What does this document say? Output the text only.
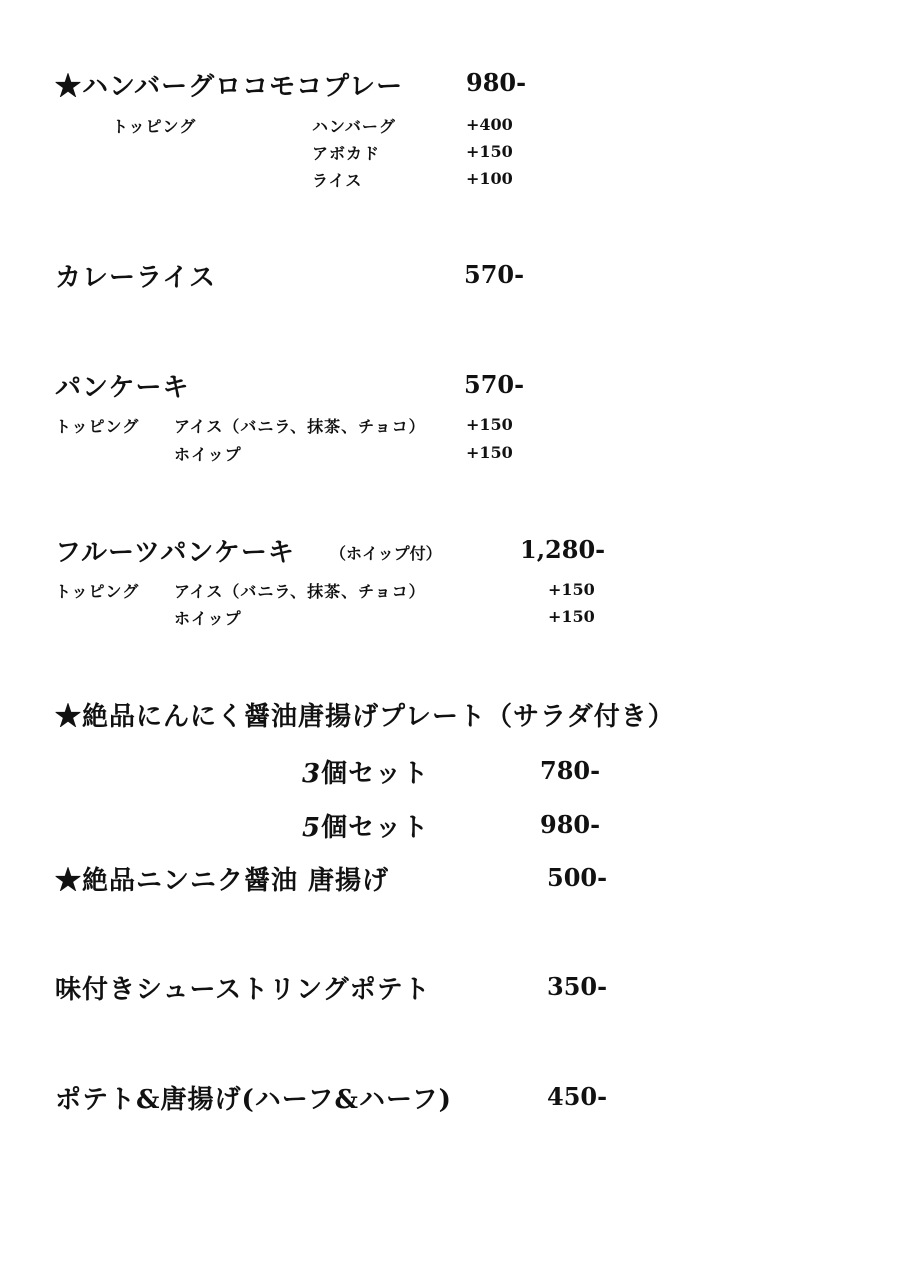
★ハンバーグロコモコプレー	980-
トッピング	ハンバーグ	+400
アボカド	+150
ライス	+100
カレーライス	570-
パンケーキ	570-
トッピング アイス（バニラ、抹茶、チョコ）	+150
ホイップ	+150
フルーツパンケーキ （ホイップ付）	1,280-
トッピング アイス（バニラ、抹茶、チョコ）	+150
ホイップ	+150
★絶品にんにく醤油唐揚げプレート（サラダ付き）
3個セット	780-
5個セット	980-
★絶品ニンニク醤油 唐揚げ	500-
味付きシューストリングポテト	350-
ポテト&唐揚げ(ハーフ&ハーフ)	450-
